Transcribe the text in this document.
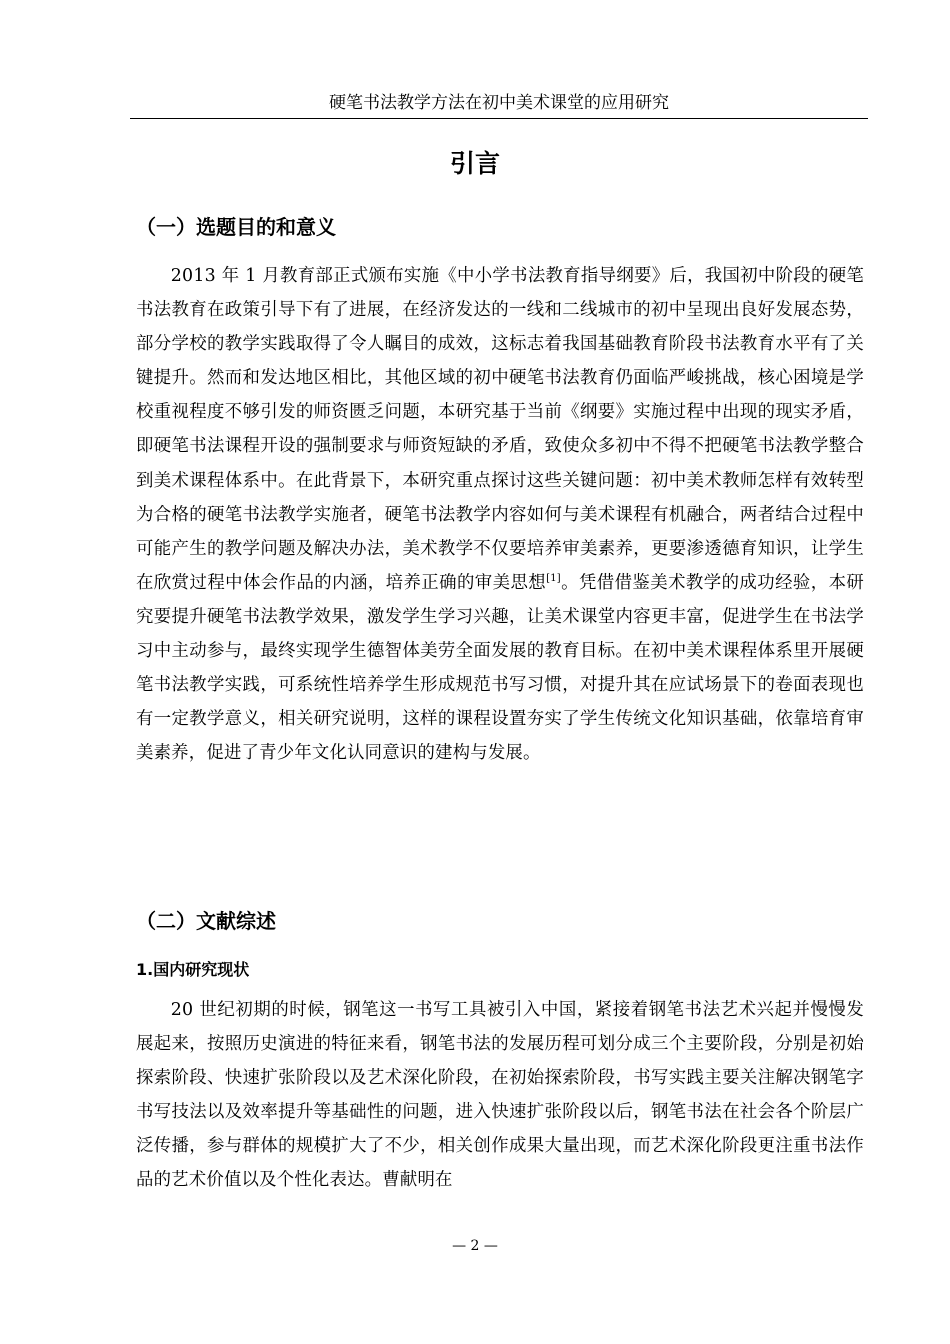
硬笔书法教学方法在初中美术课堂的应用研究
引言
（一）选题目的和意义

2013 年 1 月教育部正式颁布实施《中小学书法教育指导纲要》后，我国初中阶段的硬笔书法教育在政策引导下有了进展，在经济发达的一线和二线城市的初中呈现出良好发展态势，部分学校的教学实践取得了令人瞩目的成效，这标志着我国基础教育阶段书法教育水平有了关键提升。然而和发达地区相比，其他区域的初中硬笔书法教育仍面临严峻挑战，核心困境是学校重视程度不够引发的师资匮乏问题，本研究基于当前《纲要》实施过程中出现的现实矛盾，即硬笔书法课程开设的强制要求与师资短缺的矛盾，致使众多初中不得不把硬笔书法教学整合到美术课程体系中。在此背景下，本研究重点探讨这些关键问题：初中美术教师怎样有效转型为合格的硬笔书法教学实施者，硬笔书法教学内容如何与美术课程有机融合，两者结合过程中可能产生的教学问题及解决办法，美术教学不仅要培养审美素养，更要渗透德育知识，让学生在欣赏过程中体会作品的内涵，培养正确的审美思想[1]。凭借借鉴美术教学的成功经验，本研究要提升硬笔书法教学效果，激发学生学习兴趣，让美术课堂内容更丰富，促进学生在书法学习中主动参与，最终实现学生德智体美劳全面发展的教育目标。在初中美术课程体系里开展硬笔书法教学实践，可系统性培养学生形成规范书写习惯，对提升其在应试场景下的卷面表现也有一定教学意义，相关研究说明，这样的课程设置夯实了学生传统文化知识基础，依靠培育审美素养，促进了青少年文化认同意识的建构与发展。

（二）文献综述
1.国内研究现状

20 世纪初期的时候，钢笔这一书写工具被引入中国，紧接着钢笔书法艺术兴起并慢慢发展起来，按照历史演进的特征来看，钢笔书法的发展历程可划分成三个主要阶段，分别是初始探索阶段、快速扩张阶段以及艺术深化阶段，在初始探索阶段，书写实践主要关注解决钢笔字书写技法以及效率提升等基础性的问题，进入快速扩张阶段以后，钢笔书法在社会各个阶层广泛传播，参与群体的规模扩大了不少，相关创作成果大量出现，而艺术深化阶段更注重书法作品的艺术价值以及个性化表达。曹献明在

— 2 —
